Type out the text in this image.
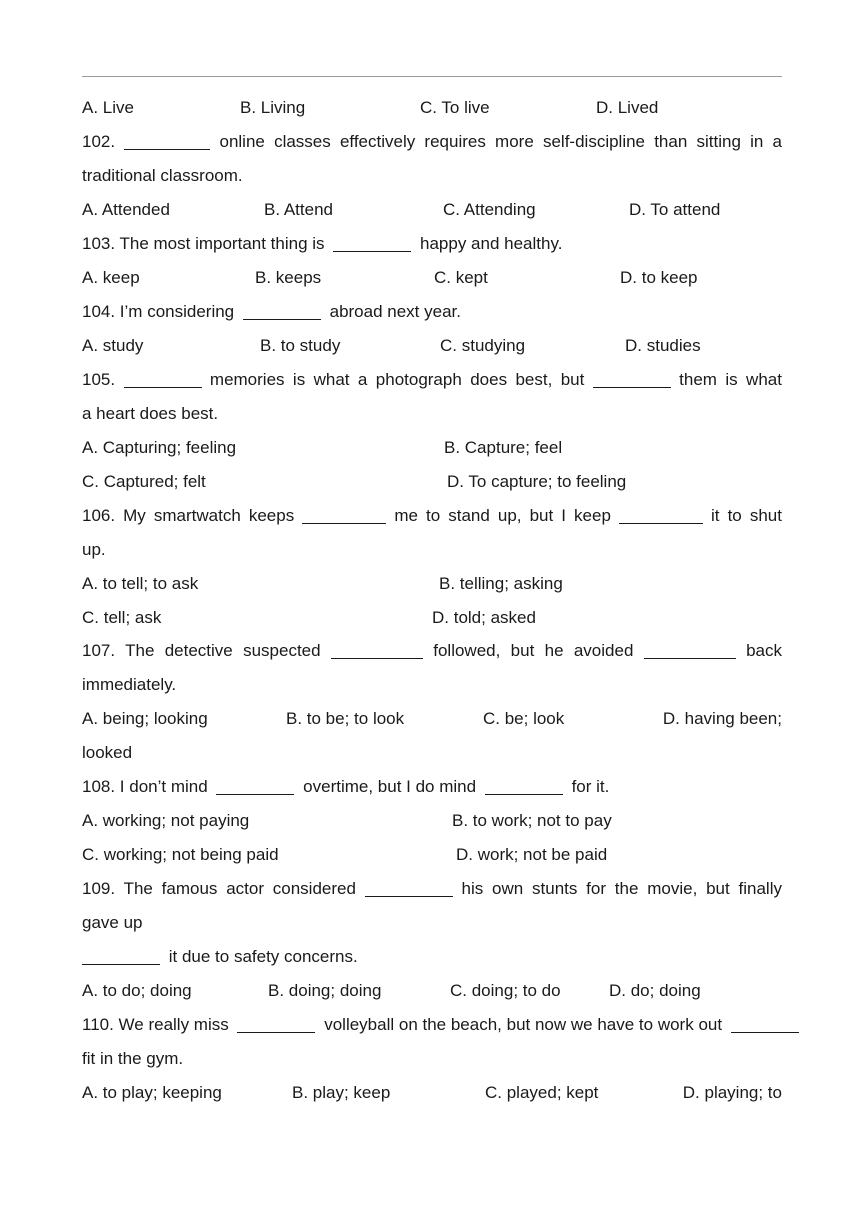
A. Live	B. Living	C. To live	D. Lived
102.	online classes effectively requires more self-discipline than sitting in a
traditional classroom.
A. Attended	B. Attend	C. Attending	D. To attend
103. The most important thing is	happy and healthy.
A. keep	B. keeps	C. kept	D. to keep
104. I’m considering	abroad next year.
A. study	B. to study	C. studying	D. studies
105.	memories is what a photograph does best, but	them is what
a heart does best.
A. Capturing; feeling	B. Capture; feel
C. Captured; felt	D. To capture; to feeling
106. My smartwatch keeps	me to stand up, but I keep	it to shut
up.
A. to tell; to ask	B. telling; asking
C. tell; ask	D. told; asked
107. The detective suspected	followed, but he avoided	back
immediately.
A. being; looking	B. to be; to look	C. be; look	D. having been;
looked
108. I don’t mind	overtime, but I do mind	for it.
A. working; not paying	B. to work; not to pay
C. working; not being paid	D. work; not be paid
109. The famous actor considered	his own stunts for the movie, but finally
gave up
it due to safety concerns.
A. to do; doing	B. doing; doing	C. doing; to do	D. do; doing
110. We really miss	volleyball on the beach, but now we have to work out
fit in the gym.
A. to play; keeping	B. play; keep	C. played; kept	D. playing; to
